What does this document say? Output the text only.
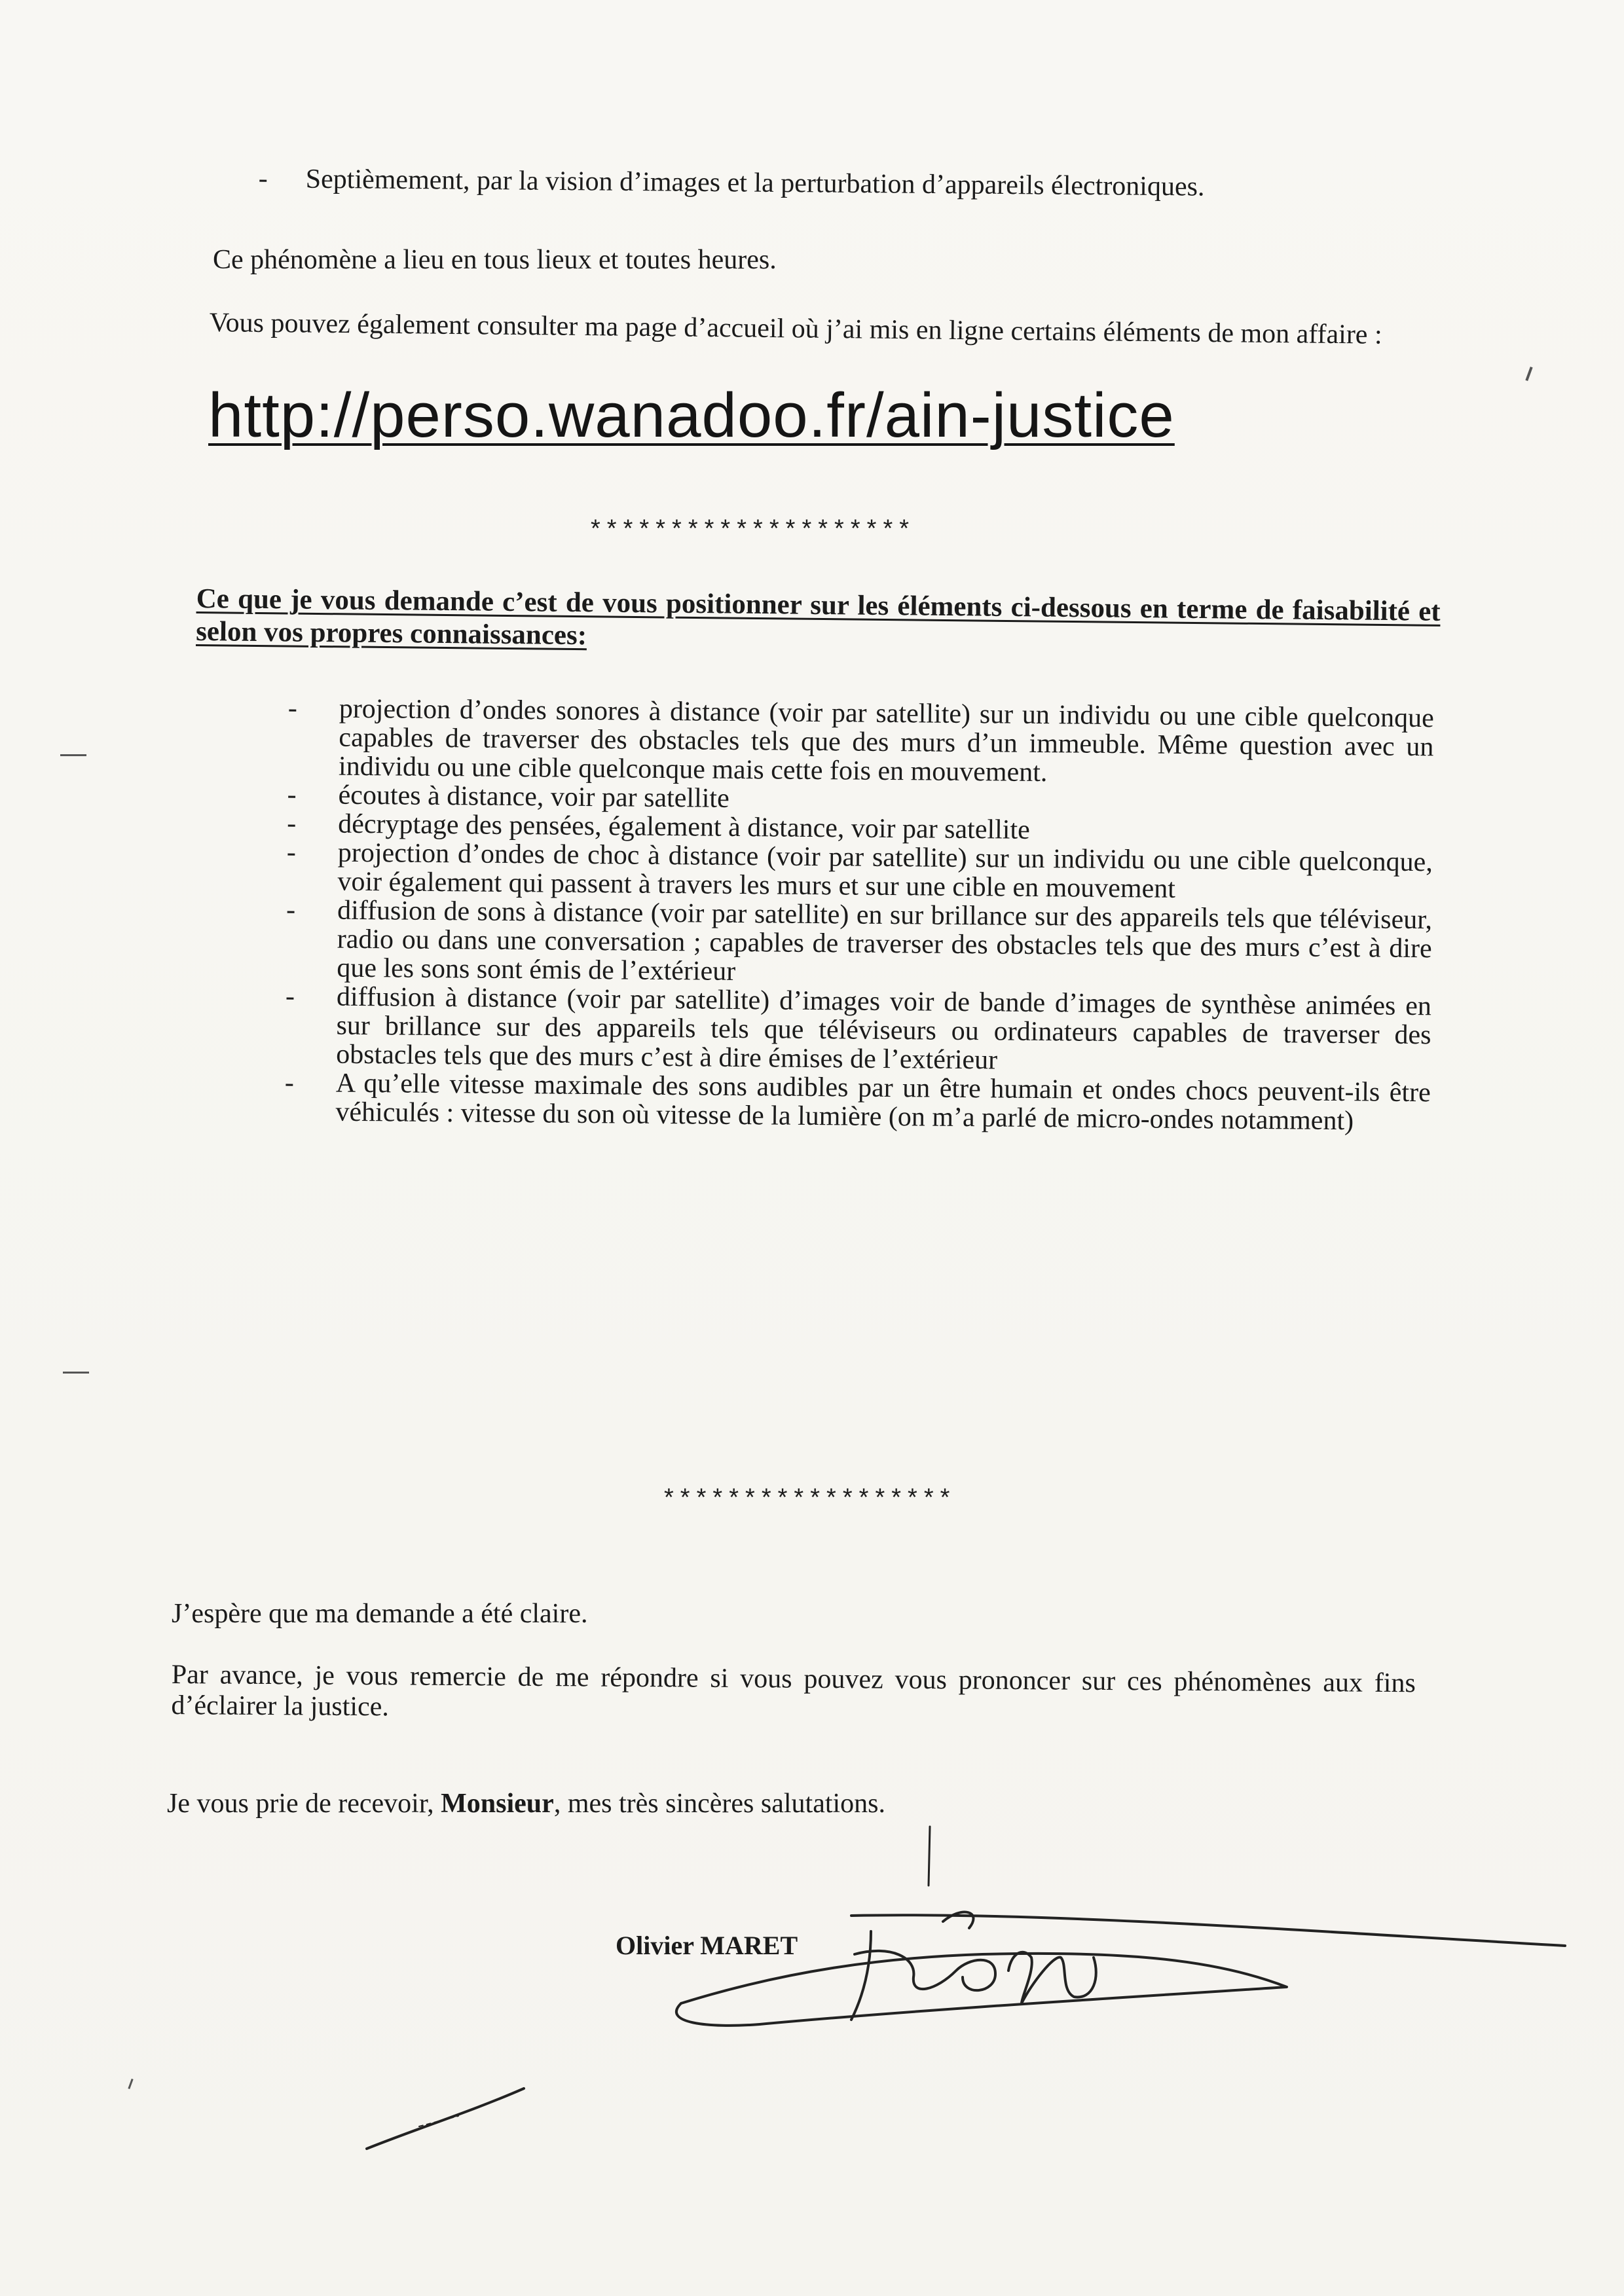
- Septièmement, par la vision d’images et la perturbation d’appareils électroniques.
Ce phénomène a lieu en tous lieux et toutes heures.
Vous pouvez également consulter ma page d’accueil où j’ai mis en ligne certains éléments de mon affaire :
http://perso.wanadoo.fr/ain-justice
********************
Ce que je vous demande c’est de vous positionner sur les éléments ci-dessous en terme de faisabilité et selon vos propres connaissances:
-	projection d’ondes sonores à distance (voir par satellite) sur un individu ou une cible quelconque capables de traverser des obstacles tels que des murs d’un immeuble. Même question avec un individu ou une cible quelconque mais cette fois en mouvement.
-	écoutes à distance, voir par satellite
-	décryptage des pensées, également à distance, voir par satellite
-	projection d’ondes de choc à distance (voir par satellite) sur un individu ou une cible quelconque, voir également qui passent à travers les murs et sur une cible en mouvement
-	diffusion de sons à distance (voir par satellite) en sur brillance sur des appareils tels que téléviseur, radio ou dans une conversation ; capables de traverser des obstacles tels que des murs c’est à dire que les sons sont émis de l’extérieur
-	diffusion à distance (voir par satellite) d’images voir de bande d’images de synthèse animées en sur brillance sur des appareils tels que téléviseurs ou ordinateurs capables de traverser des obstacles tels que des murs c’est à dire émises de l’extérieur
-	A qu’elle vitesse maximale des sons audibles par un être humain et ondes chocs peuvent-ils être véhiculés : vitesse du son où vitesse de la lumière (on m’a parlé de micro-ondes notamment)
******************
J’espère que ma demande a été claire.
Par avance, je vous remercie de me répondre si vous pouvez vous prononcer sur ces phénomènes aux fins d’éclairer la justice.
Je vous prie de recevoir, Monsieur, mes très sincères salutations.
Olivier MARET
